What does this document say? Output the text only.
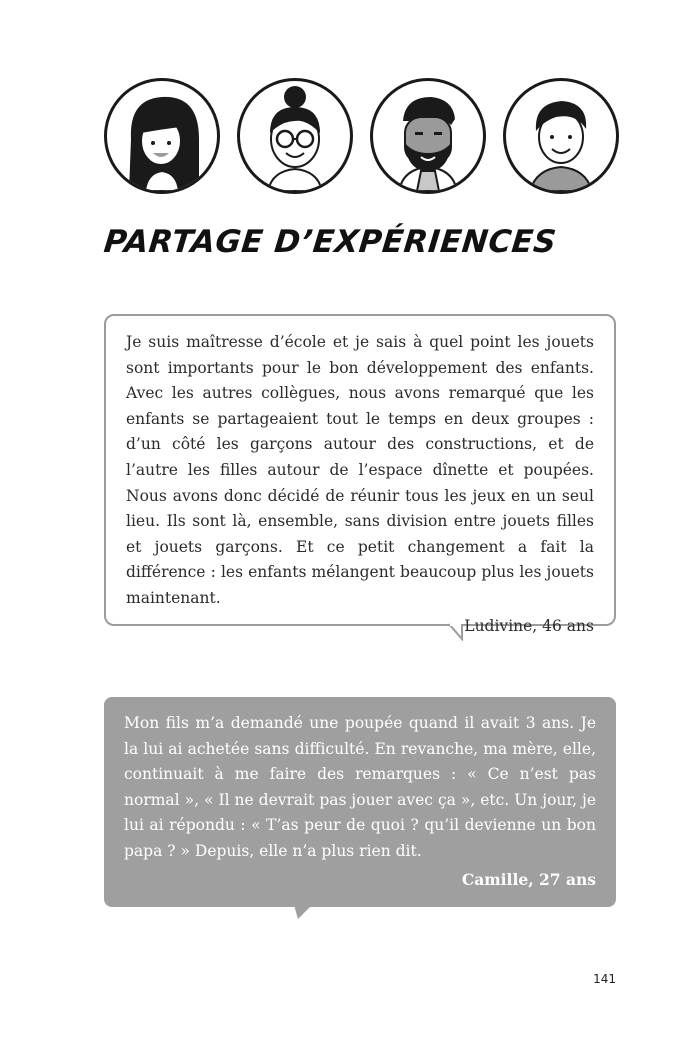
PARTAGE D’EXPÉRIENCES

Je suis maîtresse d’école et je sais à quel point les jouets sont importants pour le bon développement des enfants. Avec les autres collègues, nous avons remarqué que les enfants se partageaient tout le temps en deux groupes : d’un côté les garçons autour des constructions, et de l’autre les filles autour de l’espace dînette et poupées. Nous avons donc décidé de réunir tous les jeux en un seul lieu. Ils sont là, ensemble, sans division entre jouets filles et jouets garçons. Et ce petit changement a fait la différence : les enfants mélangent beaucoup plus les jouets maintenant.

Ludivine, 46 ans

Mon fils m’a demandé une poupée quand il avait 3 ans. Je la lui ai achetée sans difficulté. En revanche, ma mère, elle, continuait à me faire des remarques : « Ce n’est pas normal », « Il ne devrait pas jouer avec ça », etc. Un jour, je lui ai répondu : « T’as peur de quoi ? qu’il devienne un bon papa ? » Depuis, elle n’a plus rien dit.

Camille, 27 ans

141
